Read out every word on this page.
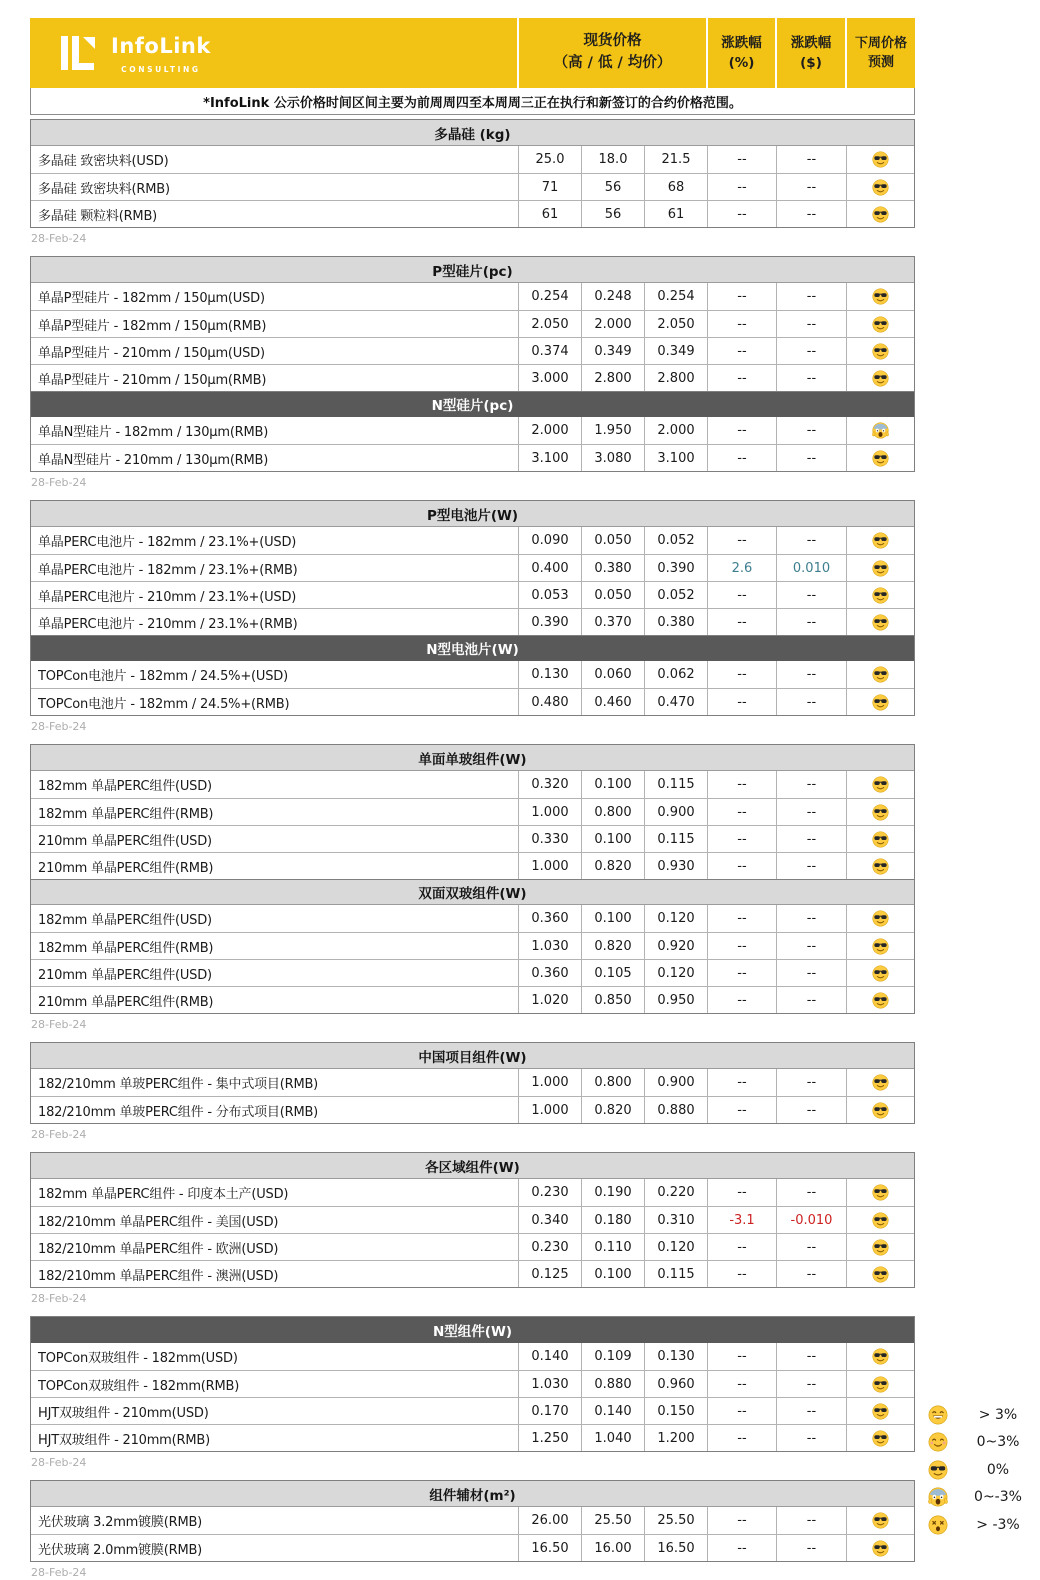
InfoLink
CONSULTING
现货价格
（高 / 低 / 均价）
涨跌幅
(%)
涨跌幅
($)
下周价格
预测
*InfoLink 公示价格时间区间主要为前周周四至本周周三正在执行和新签订的合约价格范围。
多晶硅 (kg)
多晶硅 致密块料(USD)	25.0	18.0	21.5	--	--
多晶硅 致密块料(RMB)	71	56	68	--	--
多晶硅 颗粒料(RMB)	61	56	61	--	--
28-Feb-24
P型硅片(pc)
单晶P型硅片 - 182mm / 150µm(USD)	0.254	0.248	0.254	--	--
单晶P型硅片 - 182mm / 150µm(RMB)	2.050	2.000	2.050	--	--
单晶P型硅片 - 210mm / 150µm(USD)	0.374	0.349	0.349	--	--
单晶P型硅片 - 210mm / 150µm(RMB)	3.000	2.800	2.800	--	--
N型硅片(pc)
单晶N型硅片 - 182mm / 130µm(RMB)	2.000	1.950	2.000	--	--
单晶N型硅片 - 210mm / 130µm(RMB)	3.100	3.080	3.100	--	--
28-Feb-24
P型电池片(W)
单晶PERC电池片 - 182mm / 23.1%+(USD)	0.090	0.050	0.052	--	--
单晶PERC电池片 - 182mm / 23.1%+(RMB)	0.400	0.380	0.390	2.6	0.010
单晶PERC电池片 - 210mm / 23.1%+(USD)	0.053	0.050	0.052	--	--
单晶PERC电池片 - 210mm / 23.1%+(RMB)	0.390	0.370	0.380	--	--
N型电池片(W)
TOPCon电池片 - 182mm / 24.5%+(USD)	0.130	0.060	0.062	--	--
TOPCon电池片 - 182mm / 24.5%+(RMB)	0.480	0.460	0.470	--	--
28-Feb-24
单面单玻组件(W)
182mm 单晶PERC组件(USD)	0.320	0.100	0.115	--	--
182mm 单晶PERC组件(RMB)	1.000	0.800	0.900	--	--
210mm 单晶PERC组件(USD)	0.330	0.100	0.115	--	--
210mm 单晶PERC组件(RMB)	1.000	0.820	0.930	--	--
双面双玻组件(W)
182mm 单晶PERC组件(USD)	0.360	0.100	0.120	--	--
182mm 单晶PERC组件(RMB)	1.030	0.820	0.920	--	--
210mm 单晶PERC组件(USD)	0.360	0.105	0.120	--	--
210mm 单晶PERC组件(RMB)	1.020	0.850	0.950	--	--
28-Feb-24
中国项目组件(W)
182/210mm 单玻PERC组件 - 集中式项目(RMB)	1.000	0.800	0.900	--	--
182/210mm 单玻PERC组件 - 分布式项目(RMB)	1.000	0.820	0.880	--	--
28-Feb-24
各区域组件(W)
182mm 单晶PERC组件 - 印度本土产(USD)	0.230	0.190	0.220	--	--
182/210mm 单晶PERC组件 - 美国(USD)	0.340	0.180	0.310	-3.1	-0.010
182/210mm 单晶PERC组件 - 欧洲(USD)	0.230	0.110	0.120	--	--
182/210mm 单晶PERC组件 - 澳洲(USD)	0.125	0.100	0.115	--	--
28-Feb-24
N型组件(W)
TOPCon双玻组件 - 182mm(USD)	0.140	0.109	0.130	--	--
TOPCon双玻组件 - 182mm(RMB)	1.030	0.880	0.960	--	--
HJT双玻组件 - 210mm(USD)	0.170	0.140	0.150	--	--
HJT双玻组件 - 210mm(RMB)	1.250	1.040	1.200	--	--
28-Feb-24
组件辅材(m²)
光伏玻璃 3.2mm镀膜(RMB)	26.00	25.50	25.50	--	--
光伏玻璃 2.0mm镀膜(RMB)	16.50	16.00	16.50	--	--
28-Feb-24
> 3%
0~3%
0%
0~-3%
> -3%
